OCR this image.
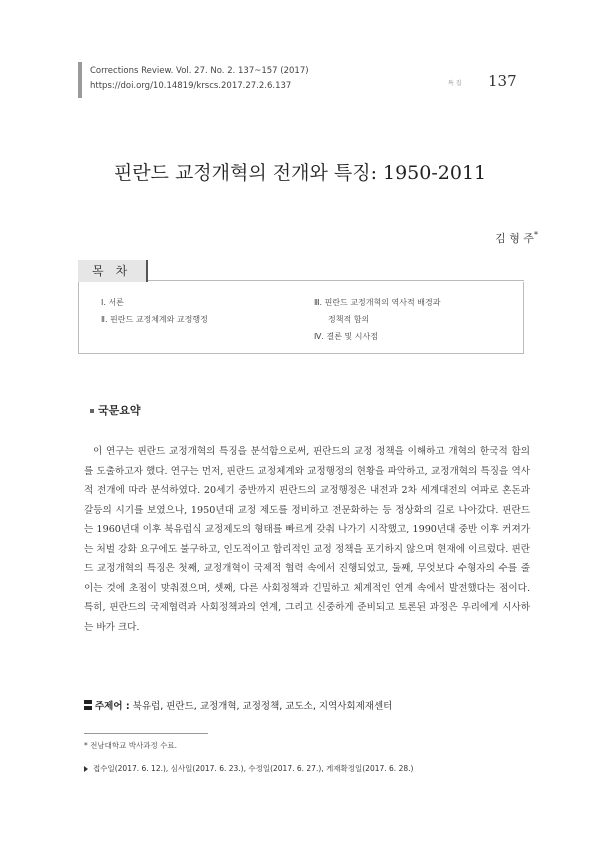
Corrections Review. Vol. 27. No. 2. 137~157 (2017)
https://doi.org/10.14819/krscs.2017.27.2.6.137	특 집 137
핀란드 교정개혁의 전개와 특징: 1950-2011
김 형 주*
목차
Ⅰ. 서론
Ⅱ. 핀란드 교정체계와 교정행정
Ⅲ. 핀란드 교정개혁의 역사적 배경과
정책적 함의
Ⅳ. 결론 및 시사점
국문요약
이 연구는 핀란드 교정개혁의 특징을 분석함으로써, 핀란드의 교정 정책을 이해하고 개혁의 한국적 함의를 도출하고자 했다. 연구는 먼저, 핀란드 교정체계와 교정행정의 현황을 파악하고, 교정개혁의 특징을 역사적 전개에 따라 분석하였다. 20세기 중반까지 핀란드의 교정행정은 내전과 2차 세계대전의 여파로 혼돈과 갈등의 시기를 보였으나, 1950년대 교정 제도를 정비하고 전문화하는 등 정상화의 길로 나아갔다. 핀란드는 1960년대 이후 북유럽식 교정제도의 형태를 빠르게 갖춰 나가기 시작했고, 1990년대 중반 이후 커져가는 처벌 강화 요구에도 불구하고, 인도적이고 합리적인 교정 정책을 포기하지 않으며 현재에 이르렀다. 핀란드 교정개혁의 특징은 첫째, 교정개혁이 국제적 협력 속에서 진행되었고, 둘째, 무엇보다 수형자의 수를 줄이는 것에 초점이 맞춰졌으며, 셋째, 다른 사회정책과 긴밀하고 체계적인 연계 속에서 발전했다는 점이다. 특히, 핀란드의 국제협력과 사회정책과의 연계, 그리고 신중하게 준비되고 토론된 과정은 우리에게 시사하는 바가 크다.
주제어 : 북유럽, 핀란드, 교정개혁, 교정정책, 교도소, 지역사회제재센터
* 전남대학교 박사과정 수료.
접수일(2017. 6. 12.), 심사일(2017. 6. 23.), 수정일(2017. 6. 27.), 게재확정일(2017. 6. 28.)
